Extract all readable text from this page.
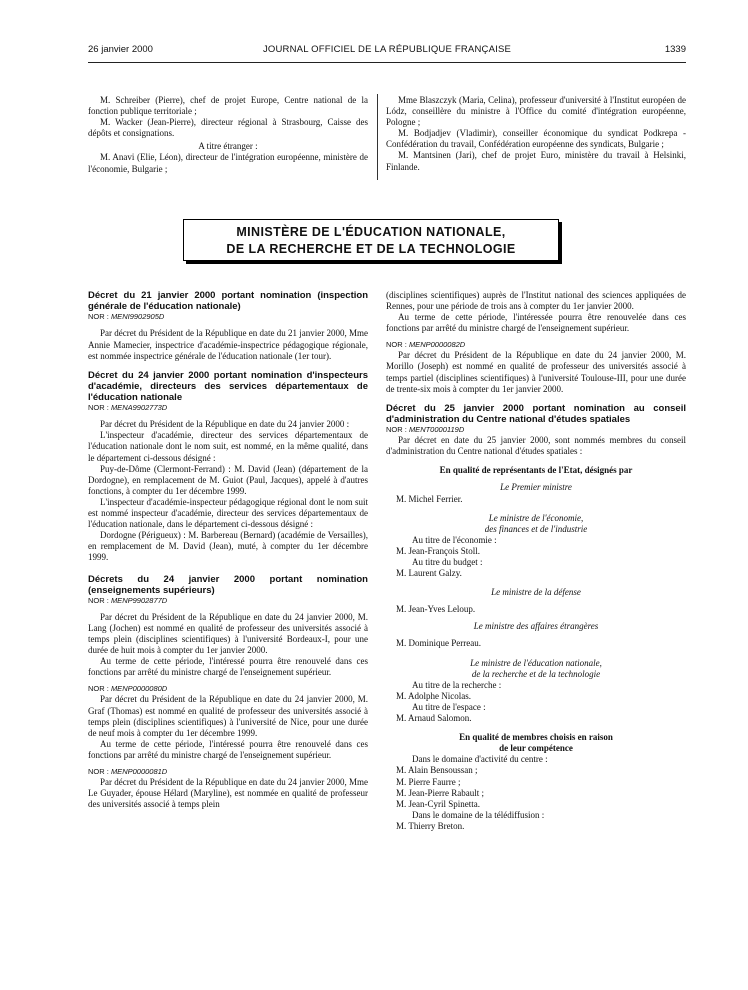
26 janvier 2000	JOURNAL OFFICIEL DE LA RÉPUBLIQUE FRANÇAISE	1339

M. Schreiber (Pierre), chef de projet Europe, Centre national de la fonction publique territoriale ;

M. Wacker (Jean-Pierre), directeur régional à Strasbourg, Caisse des dépôts et consignations.

A titre étranger :

M. Anavi (Elie, Léon), directeur de l'intégration européenne, ministère de l'économie, Bulgarie ;

Mme Blaszczyk (Maria, Celina), professeur d'université à l'Institut européen de Lódz, conseillère du ministre à l'Office du comité d'intégration européenne, Pologne ;

M. Bodjadjev (Vladimir), conseiller économique du syndicat Podkrepa - Confédération du travail, Confédération européenne des syndicats, Bulgarie ;

M. Mantsinen (Jari), chef de projet Euro, ministère du travail à Helsinki, Finlande.

MINISTÈRE DE L'ÉDUCATION NATIONALE,
DE LA RECHERCHE ET DE LA TECHNOLOGIE

Décret du 21 janvier 2000 portant nomination (inspection générale de l'éducation nationale)

NOR : MENI9902905D

Par décret du Président de la République en date du 21 janvier 2000, Mme Annie Mamecier, inspectrice d'académie-inspectrice pédagogique régionale, est nommée inspectrice générale de l'éducation nationale (1er tour).

Décret du 24 janvier 2000 portant nomination d'inspecteurs d'académie, directeurs des services départementaux de l'éducation nationale

NOR : MENA9902773D

Par décret du Président de la République en date du 24 janvier 2000 :

L'inspecteur d'académie, directeur des services départementaux de l'éducation nationale dont le nom suit, est nommé, en la même qualité, dans le département ci-dessous désigné :

Puy-de-Dôme (Clermont-Ferrand) : M. David (Jean) (département de la Dordogne), en remplacement de M. Guiot (Paul, Jacques), appelé à d'autres fonctions, à compter du 1er décembre 1999.

L'inspecteur d'académie-inspecteur pédagogique régional dont le nom suit est nommé inspecteur d'académie, directeur des services départementaux de l'éducation nationale, dans le département ci-dessous désigné :

Dordogne (Périgueux) : M. Barbereau (Bernard) (académie de Versailles), en remplacement de M. David (Jean), muté, à compter du 1er décembre 1999.

Décrets du 24 janvier 2000 portant nomination (enseignements supérieurs)

NOR : MENP9902877D

Par décret du Président de la République en date du 24 janvier 2000, M. Lang (Jochen) est nommé en qualité de professeur des universités associé à temps plein (disciplines scientifiques) à l'université Bordeaux-I, pour une durée de huit mois à compter du 1er janvier 2000.

Au terme de cette période, l'intéressé pourra être renouvelé dans ces fonctions par arrêté du ministre chargé de l'enseignement supérieur.

NOR : MENP0000080D

Par décret du Président de la République en date du 24 janvier 2000, M. Graf (Thomas) est nommé en qualité de professeur des universités associé à temps plein (disciplines scientifiques) à l'université de Nice, pour une durée de neuf mois à compter du 1er décembre 1999.

Au terme de cette période, l'intéressé pourra être renouvelé dans ces fonctions par arrêté du ministre chargé de l'enseignement supérieur.

NOR : MENP0000081D

Par décret du Président de la République en date du 24 janvier 2000, Mme Le Guyader, épouse Hélard (Maryline), est nommée en qualité de professeur des universités associé à temps plein

(disciplines scientifiques) auprès de l'Institut national des sciences appliquées de Rennes, pour une période de trois ans à compter du 1er janvier 2000.

Au terme de cette période, l'intéressée pourra être renouvelée dans ces fonctions par arrêté du ministre chargé de l'enseignement supérieur.

NOR : MENP0000082D

Par décret du Président de la République en date du 24 janvier 2000, M. Morillo (Joseph) est nommé en qualité de professeur des universités associé à temps partiel (disciplines scientifiques) à l'université Toulouse-III, pour une durée de trente-six mois à compter du 1er janvier 2000.

Décret du 25 janvier 2000 portant nomination au conseil d'administration du Centre national d'études spatiales

NOR : MENT0000119D

Par décret en date du 25 janvier 2000, sont nommés membres du conseil d'administration du Centre national d'études spatiales :

En qualité de représentants de l'Etat, désignés par

Le Premier ministre

M. Michel Ferrier.

Le ministre de l'économie,

des finances et de l'industrie

Au titre de l'économie :

M. Jean-François Stoll.

Au titre du budget :

M. Laurent Galzy.

Le ministre de la défense

M. Jean-Yves Leloup.

Le ministre des affaires étrangères

M. Dominique Perreau.

Le ministre de l'éducation nationale,

de la recherche et de la technologie

Au titre de la recherche :

M. Adolphe Nicolas.

Au titre de l'espace :

M. Arnaud Salomon.

En qualité de membres choisis en raison

de leur compétence

Dans le domaine d'activité du centre :

M. Alain Bensoussan ;

M. Pierre Faurre ;

M. Jean-Pierre Rabault ;

M. Jean-Cyril Spinetta.

Dans le domaine de la télédiffusion :

M. Thierry Breton.
